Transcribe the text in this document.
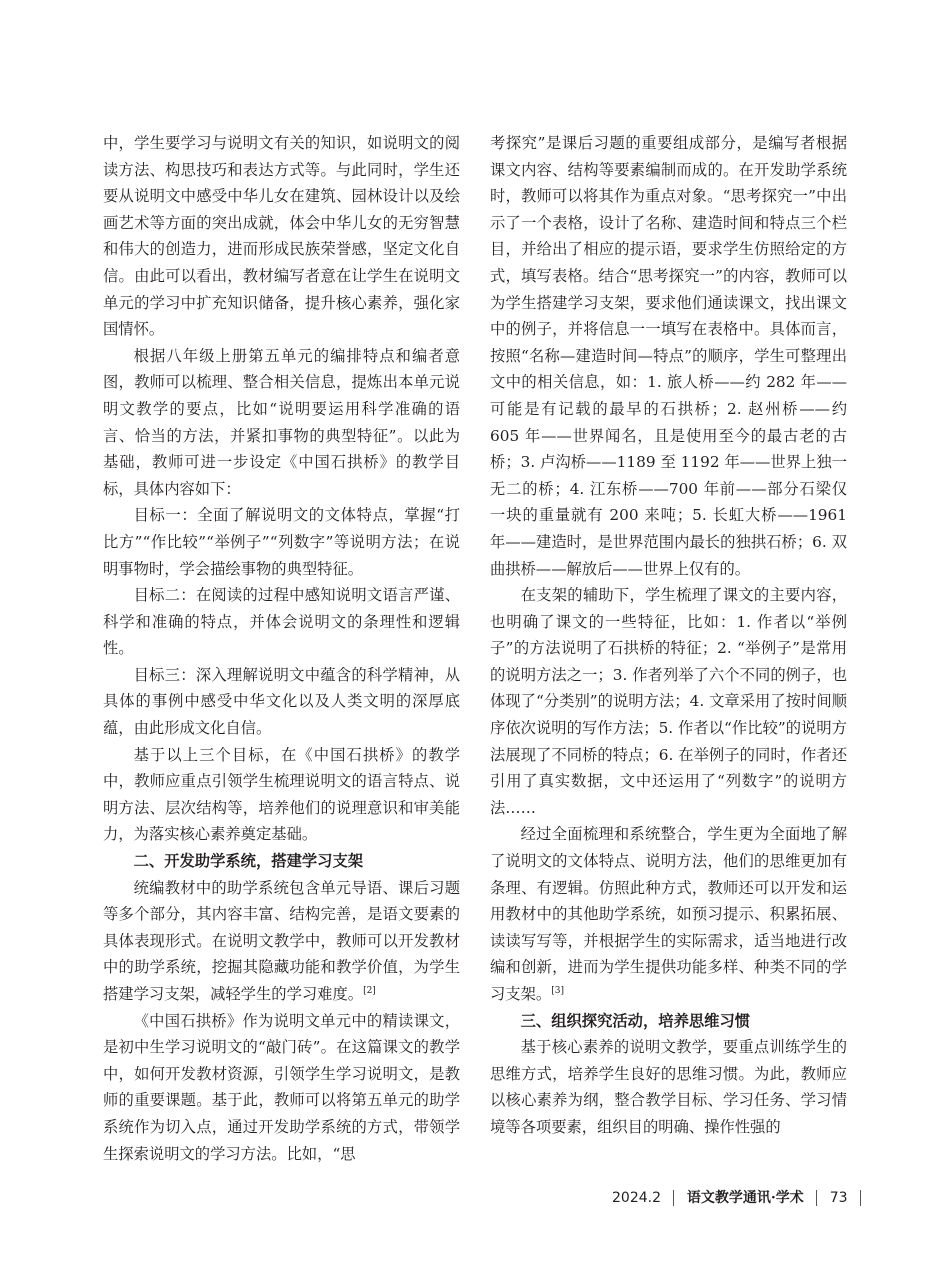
中，学生要学习与说明文有关的知识，如说明文的阅读方法、构思技巧和表达方式等。与此同时，学生还要从说明文中感受中华儿女在建筑、园林设计以及绘画艺术等方面的突出成就，体会中华儿女的无穷智慧和伟大的创造力，进而形成民族荣誉感，坚定文化自信。由此可以看出，教材编写者意在让学生在说明文单元的学习中扩充知识储备，提升核心素养，强化家国情怀。

根据八年级上册第五单元的编排特点和编者意图，教师可以梳理、整合相关信息，提炼出本单元说明文教学的要点，比如“说明要运用科学准确的语言、恰当的方法，并紧扣事物的典型特征”。以此为基础，教师可进一步设定《中国石拱桥》的教学目标，具体内容如下：

目标一：全面了解说明文的文体特点，掌握“打比方”“作比较”“举例子”“列数字”等说明方法；在说明事物时，学会描绘事物的典型特征。

目标二：在阅读的过程中感知说明文语言严谨、科学和准确的特点，并体会说明文的条理性和逻辑性。

目标三：深入理解说明文中蕴含的科学精神，从具体的事例中感受中华文化以及人类文明的深厚底蕴，由此形成文化自信。

基于以上三个目标，在《中国石拱桥》的教学中，教师应重点引领学生梳理说明文的语言特点、说明方法、层次结构等，培养他们的说理意识和审美能力，为落实核心素养奠定基础。

二、开发助学系统，搭建学习支架

统编教材中的助学系统包含单元导语、课后习题等多个部分，其内容丰富、结构完善，是语文要素的具体表现形式。在说明文教学中，教师可以开发教材中的助学系统，挖掘其隐藏功能和教学价值，为学生搭建学习支架，减轻学生的学习难度。[2]

《中国石拱桥》作为说明文单元中的精读课文，是初中生学习说明文的“敲门砖”。在这篇课文的教学中，如何开发教材资源，引领学生学习说明文，是教师的重要课题。基于此，教师可以将第五单元的助学系统作为切入点，通过开发助学系统的方式，带领学生探索说明文的学习方法。比如，“思

考探究”是课后习题的重要组成部分，是编写者根据课文内容、结构等要素编制而成的。在开发助学系统时，教师可以将其作为重点对象。“思考探究一”中出示了一个表格，设计了名称、建造时间和特点三个栏目，并给出了相应的提示语，要求学生仿照给定的方式，填写表格。结合“思考探究一”的内容，教师可以为学生搭建学习支架，要求他们通读课文，找出课文中的例子，并将信息一一填写在表格中。具体而言，按照“名称—建造时间—特点”的顺序，学生可整理出文中的相关信息，如：1. 旅人桥——约 282 年——可能是有记载的最早的石拱桥；2. 赵州桥——约 605 年——世界闻名，且是使用至今的最古老的古桥；3. 卢沟桥——1189 至 1192 年——世界上独一无二的桥；4. 江东桥——700 年前——部分石梁仅一块的重量就有 200 来吨；5. 长虹大桥——1961 年——建造时，是世界范围内最长的独拱石桥；6. 双曲拱桥——解放后——世界上仅有的。

在支架的辅助下，学生梳理了课文的主要内容，也明确了课文的一些特征，比如：1. 作者以“举例子”的方法说明了石拱桥的特征；2. “举例子”是常用的说明方法之一；3. 作者列举了六个不同的例子，也体现了“分类别”的说明方法；4. 文章采用了按时间顺序依次说明的写作方法；5. 作者以“作比较”的说明方法展现了不同桥的特点；6. 在举例子的同时，作者还引用了真实数据，文中还运用了“列数字”的说明方法……

经过全面梳理和系统整合，学生更为全面地了解了说明文的文体特点、说明方法，他们的思维更加有条理、有逻辑。仿照此种方式，教师还可以开发和运用教材中的其他助学系统，如预习提示、积累拓展、读读写写等，并根据学生的实际需求，适当地进行改编和创新，进而为学生提供功能多样、种类不同的学习支架。[3]

三、组织探究活动，培养思维习惯

基于核心素养的说明文教学，要重点训练学生的思维方式，培养学生良好的思维习惯。为此，教师应以核心素养为纲，整合教学目标、学习任务、学习情境等各项要素，组织目的明确、操作性强的

2024.2 语文教学通讯·学术 73
